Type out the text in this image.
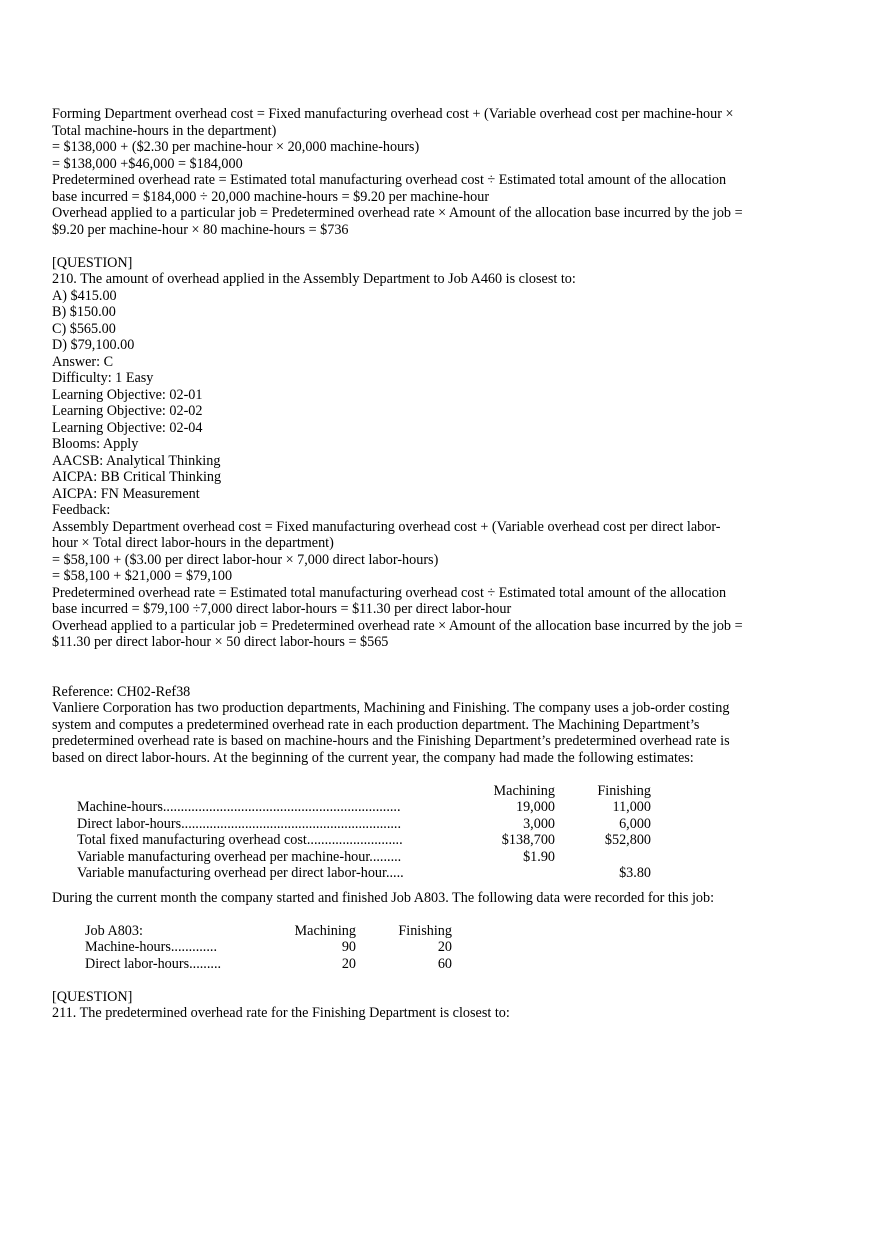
Forming Department overhead cost = Fixed manufacturing overhead cost + (Variable overhead cost per machine-hour ×
Total machine-hours in the department)
= $138,000 + ($2.30 per machine-hour × 20,000 machine-hours)
= $138,000 +$46,000 = $184,000
Predetermined overhead rate = Estimated total manufacturing overhead cost ÷ Estimated total amount of the allocation
base incurred = $184,000 ÷ 20,000 machine-hours = $9.20 per machine-hour
Overhead applied to a particular job = Predetermined overhead rate × Amount of the allocation base incurred by the job =
$9.20 per machine-hour × 80 machine-hours = $736
[QUESTION]
210. The amount of overhead applied in the Assembly Department to Job A460 is closest to:
A) $415.00
B) $150.00
C) $565.00
D) $79,100.00
Answer: C
Difficulty: 1 Easy
Learning Objective: 02-01
Learning Objective: 02-02
Learning Objective: 02-04
Blooms: Apply
AACSB: Analytical Thinking
AICPA: BB Critical Thinking
AICPA: FN Measurement
Feedback:
Assembly Department overhead cost = Fixed manufacturing overhead cost + (Variable overhead cost per direct labor-
hour × Total direct labor-hours in the department)
= $58,100 + ($3.00 per direct labor-hour × 7,000 direct labor-hours)
= $58,100 + $21,000 = $79,100
Predetermined overhead rate = Estimated total manufacturing overhead cost ÷ Estimated total amount of the allocation
base incurred = $79,100 ÷7,000 direct labor-hours = $11.30 per direct labor-hour
Overhead applied to a particular job = Predetermined overhead rate × Amount of the allocation base incurred by the job =
$11.30 per direct labor-hour × 50 direct labor-hours = $565
Reference: CH02-Ref38
Vanliere Corporation has two production departments, Machining and Finishing. The company uses a job-order costing
system and computes a predetermined overhead rate in each production department. The Machining Department’s
predetermined overhead rate is based on machine-hours and the Finishing Department’s predetermined overhead rate is
based on direct labor-hours. At the beginning of the current year, the company had made the following estimates:
	Machining	Finishing
Machine-hours...................................................................	19,000	11,000
Direct labor-hours..............................................................	3,000	6,000
Total fixed manufacturing overhead cost...........................	$138,700	$52,800
Variable manufacturing overhead per machine-hour.........	$1.90	
Variable manufacturing overhead per direct labor-hour.....		$3.80
During the current month the company started and finished Job A803. The following data were recorded for this job:
Job A803:	Machining	Finishing
Machine-hours.............	90	20
Direct labor-hours.........	20	60
[QUESTION]
211. The predetermined overhead rate for the Finishing Department is closest to:
